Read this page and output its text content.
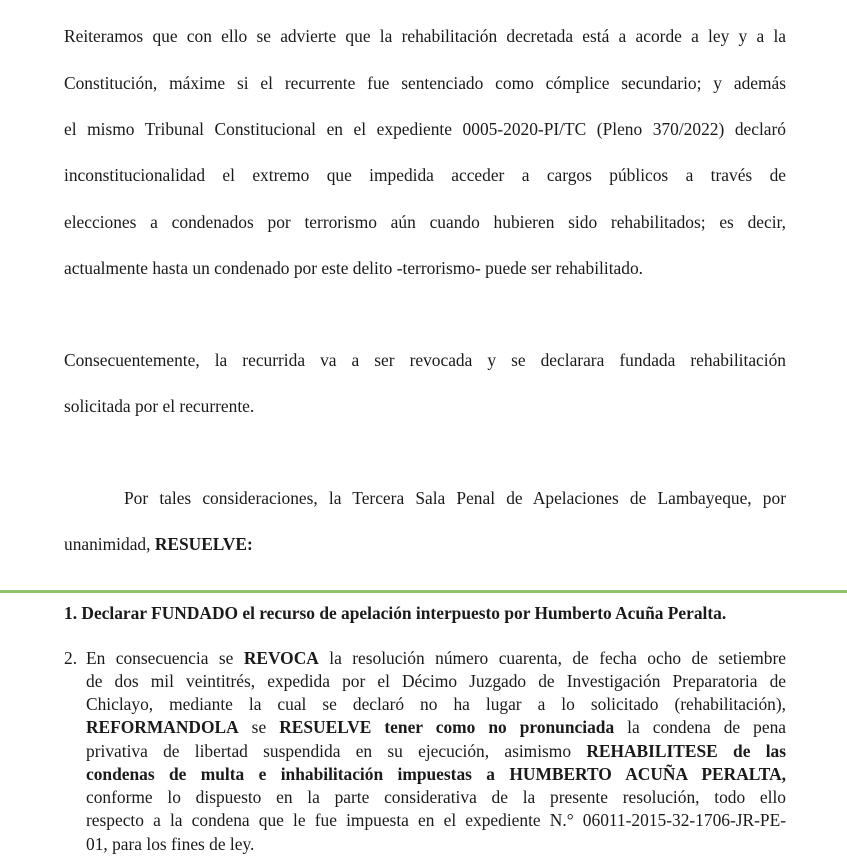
Reiteramos que con ello se advierte que la rehabilitación decretada está a acorde a ley y a la

Constitución, máxime si el recurrente fue sentenciado como cómplice secundario; y además

el mismo Tribunal Constitucional en el expediente 0005-2020-PI/TC (Pleno 370/2022) declaró

inconstitucionalidad el extremo que impedida acceder a cargos públicos a través de

elecciones a condenados por terrorismo aún cuando hubieren sido rehabilitados; es decir,

actualmente hasta un condenado por este delito -terrorismo- puede ser rehabilitado.

Consecuentemente, la recurrida va a ser revocada y se declarara fundada rehabilitación

solicitada por el recurrente.

Por tales consideraciones, la Tercera Sala Penal de Apelaciones de Lambayeque, por

unanimidad, RESUELVE:

1. Declarar FUNDADO el recurso de apelación interpuesto por Humberto Acuña Peralta.

2. En consecuencia se REVOCA la resolución número cuarenta, de fecha ocho de setiembre
de dos mil veintitrés, expedida por el Décimo Juzgado de Investigación Preparatoria de
Chiclayo, mediante la cual se declaró no ha lugar a lo solicitado (rehabilitación),
REFORMANDOLA se RESUELVE tener como no pronunciada la condena de pena
privativa de libertad suspendida en su ejecución, asimismo REHABILITESE de las
condenas de multa e inhabilitación impuestas a HUMBERTO ACUÑA PERALTA,
conforme lo dispuesto en la parte considerativa de la presente resolución, todo ello
respecto a la condena que le fue impuesta en el expediente N.° 06011-2015-32-1706-JR-PE-
01, para los fines de ley.
